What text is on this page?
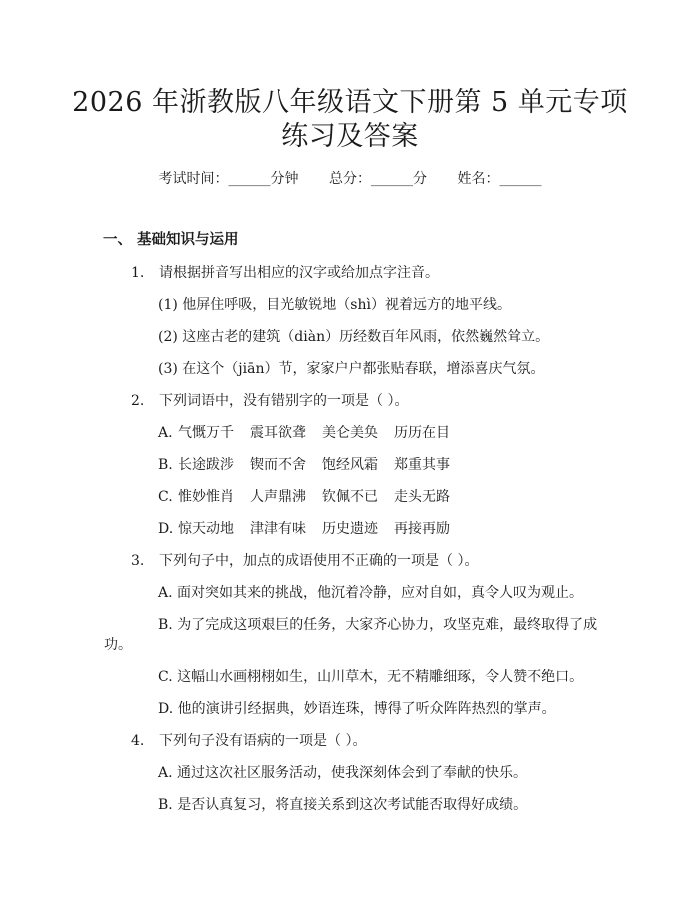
2026 年浙教版八年级语文下册第 5 单元专项
练习及答案
考试时间：______分钟 总分：______分 姓名：______
一、 基础知识与运用
1. 请根据拼音写出相应的汉字或给加点字注音。
(1) 他屏住呼吸，目光敏锐地（shì）视着远方的地平线。
(2) 这座古老的建筑（diàn）历经数百年风雨，依然巍然耸立。
(3) 在这个（jiān）节，家家户户都张贴春联，增添喜庆气氛。
2. 下列词语中，没有错别字的一项是（ ）。
A. 气慨万千 震耳欲聋 美仑美奂 历历在目
B. 长途跋涉 锲而不舍 饱经风霜 郑重其事
C. 惟妙惟肖 人声鼎沸 钦佩不已 走头无路
D. 惊天动地 津津有味 历史遗迹 再接再励
3. 下列句子中，加点的成语使用不正确的一项是（ ）。
A. 面对突如其来的挑战，他沉着冷静，应对自如，真令人叹为观止。
B. 为了完成这项艰巨的任务，大家齐心协力，攻坚克难，最终取得了成
功。
C. 这幅山水画栩栩如生，山川草木，无不精雕细琢，令人赞不绝口。
D. 他的演讲引经据典，妙语连珠，博得了听众阵阵热烈的掌声。
4. 下列句子没有语病的一项是（ ）。
A. 通过这次社区服务活动，使我深刻体会到了奉献的快乐。
B. 是否认真复习，将直接关系到这次考试能否取得好成绩。
